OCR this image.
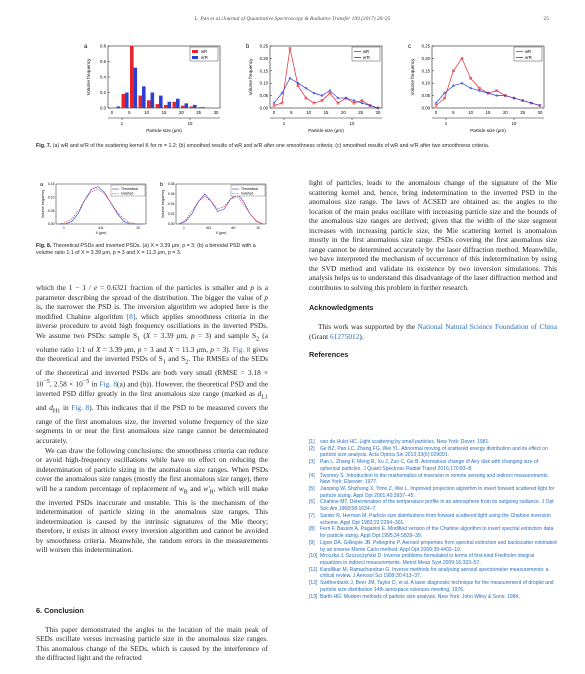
L. Pan et al./Journal of Quantitative Spectroscopy & Radiative Transfer 199 (2017) 20–25	25
a
0.0
0.2
0.4
0.6
0.8
0	5	10	15	20	25	30
1	10
Particle size (μm)
Volume frequency
wR
w′R
b
0.00
0.05
0.10
0.15
0.20
0.25
0	5	10	15	20	25	30
1	10
Particle size (μm)
Volume frequency
wR
w′R
c
0.00
0.05
0.10
0.15
0.20
0.25
0	5	10	15	20	25	30
1	10
Particle size (μm)
Volume frequency
wR
w′R
Fig. 7. (a) wR and w′R of the scattering kernel K for m = 1.2; (b) smoothed results of wR and w′R after one smoothness criteria; (c) smoothed results of wR and w′R after two smoothness criteria.
a
0.00
0.05
0.10
0.15
1	d11	10
X (μm)
Volume frequency
Theoretical
Inverted
b
0.00
0.02
0.04
0.06
0.08
1	d11	dH	10
X (μm)
Volume frequency
Theoretical
Inverted
Fig. 8. Theoretical PSDs and inverted PSDs. (a) X = 3.39 μm, p = 3; (b) a bimodal PSD with a volume ratio 1:1 of X = 3.39 μm, p = 3 and X = 11.3 μm, p = 3.

which the 1 − 1 / e = 0.6321 fraction of the particles is smaller and p is a parameter describing the spread of the distribution. The bigger the value of p is, the narrower the PSD is. The inversion algorithm we adopted here is the modified Chahine algorithm [8], which applies smoothness criteria in the inverse procedure to avoid high frequency oscillations in the inverted PSDs. We assume two PSDs: sample $S_1$ (X = 3.39 μm, p = 3) and sample $S_2$ (a volume ratio 1:1 of X = 3.39 μm, p = 3 and X = 11.3 μm, p = 3). Fig. 8 gives the theoretical and the inverted PSDs of $S_1$ and $S_2$. The RMSEs of the SEDs of the theoretical and inverted PSDs are both very small (RMSE = $3.18 \times 10^{-5}$, $2.58 \times 10^{-5}$ in Fig. 8(a) and (b)). However, the theoretical PSD and the inverted PSD differ greatly in the first anomalous size range (marked as $d_{L1}$ and $d_{H1}$ in Fig. 8). This indicates that if the PSD to be measured covers the range of the first anomalous size, the inverted volume frequency of the size segments in or near the first anomalous size range cannot be determinated accurately.

We can draw the following conclusions: the smoothness criteria can reduce or avoid high-frequency oscillations while have no effect on reducing the indetermination of particle sizing in the anomalous size ranges. When PSDs cover the anomalous size ranges (mostly the first anomalous size range), there will be a random percentage of replacement of $w_R$ and $w'_R$, which will make the inverted PSDs inaccurate and unstable. This is the mechanism of the indetermination of particle sizing in the anomalous size ranges. This indetermination is caused by the intrinsic signatures of the Mie theory; therefore, it exists in almost every inversion algorithm and cannot be avoided by smoothness criteria. Meanwhile, the random errors in the measurements will worsen this indetermination.

6. Conclusion

This paper demonstrated the angles to the location of the main peak of SEDs oscillate versus increasing particle size in the anomalous size ranges. This anomalous change of the SEDs, which is caused by the interference of the diffracted light and the refracted

light of particles, leads to the anomalous change of the signature of the Mie scattering kernel and, hence, bring indetermination to the inverted PSD in the anomalous size range. The laws of ACSED are obtained as: the angles to the location of the main peaks oscillate with increasing particle size and the bounds of the anomalous size ranges are derived; given that the width of the size segment increases with increasing particle size, the Mie scattering kernel is anomalous mostly in the first anomalous size range. PSDs covering the first anomalous size range cannot be determined accurately by the laser diffraction method. Meanwhile, we have interpreted the mechanism of occurrence of this indetermination by using the SVD method and validate its existence by two inversion simulations. This analysis helps us to understand this disadvantage of the laser diffraction method and contributes to solving this problem in further research.

Acknowledgments

This work was supported by the National Natural Science Foundation of China (Grant 61275012).

References
[1] van de Hulst HC. Light scattering by small particles. New York: Dover; 1981.
[2] Ge BZ, Pan LC, Zhang FG, Wei YL. Abnormal moving of scattered energy distribution and its effect on particle size analysis. Acta Optica Sin 2013;33(6):029001.
[3] Pan L, Zhang F, Meng R, Xu J, Zuo C, Ge B. Anomalous change of Airy disk with changing size of spherical particles. J Quant Spectrosc Radiat Transf 2016;170:83–8.
[4] Twomey S. Introduction to the mathematics of inversion in remote sensing and indirect measurements. New York: Elsevier; 1977.
[5] Jianping W, Shizhong X, Yimo Z, Wei L. Improved projection algorithm to invert forward scattered light for particle sizing. Appl Opt 2001;40:3937–45.
[6] Chahine MT. Determination of the temperature profile in an atmosphere from its outgoing radiance. J Opt Soc Am 1968;58:1634–7.
[7] Santer R, Herman M. Particle size distributions from forward scattered light using the Chahine inversion scheme. Appl Opt 1983;22:2294–301.
[8] Ferri F, Bassini A, Paganini E. Modified version of the Chahine algorithm to invert spectral extinction data for particle sizing. Appl Opt 1995;34:5829–39.
[9] Ligon DA, Gillespie JB, Pellegrino P. Aerosol properties from spectral extinction and backscatter estimated by an inverse Monte Carlo method. Appl Opt 2000;39:4402–10.
[10] Mroczka J, Szczuczyński D. Inverse problems formulated in terms of first-kind Fredholm integral equations in indirect measurements. Metrol Meas Syst 2009;16:333–57.
[11] Kandlikar M, Ramachandran G. Inverse methods for analysing aerosol spectrometer measurements: a critical review. J Aerosol Sci 1999;30:413–37.
[12] Swithenbank J, Beer JM, Taylor D, et al. A laser diagnostic technique for the measurement of droplet and particle size distribution 14th aerospace sciences meeting; 1976.
[13] Barth HG. Modern methods of particle size analysis. New York: John Wiley & Sons; 1984.
